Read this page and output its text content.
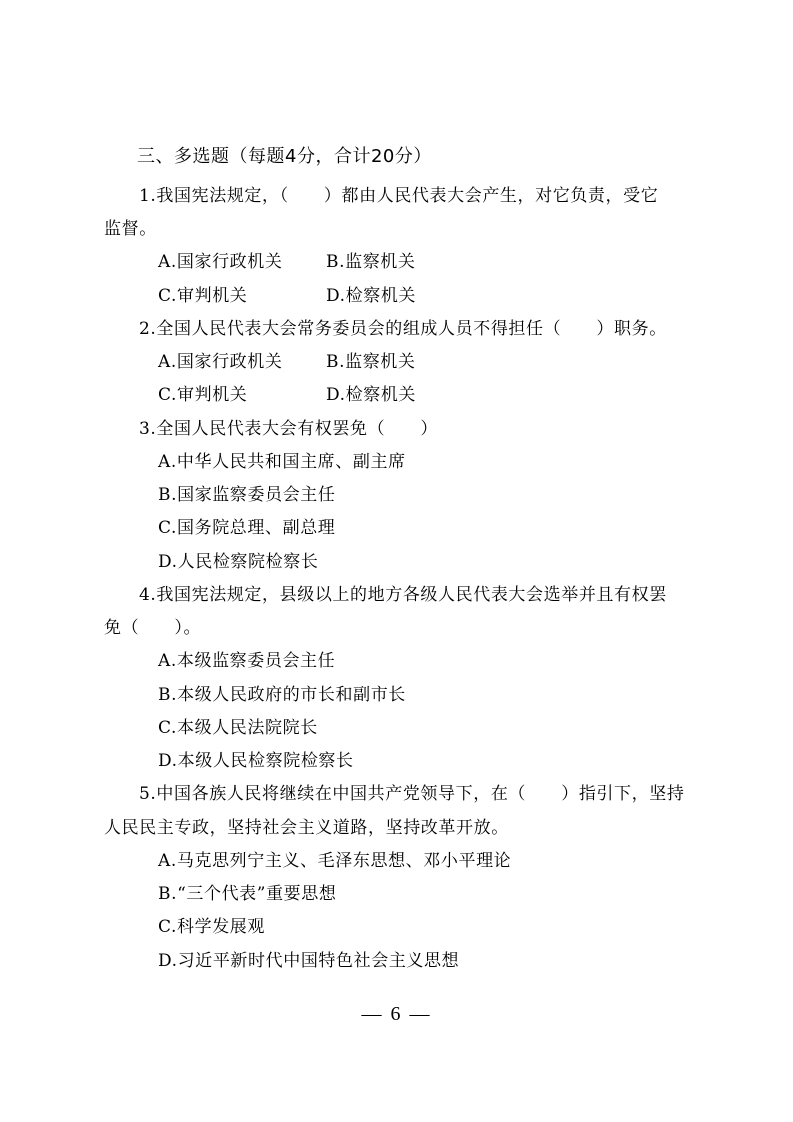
三、多选题（每题4分，合计20分）
1.我国宪法规定，（　　）都由人民代表大会产生，对它负责，受它
监督。
A.国家行政机关	B.监察机关
C.审判机关	D.检察机关
2.全国人民代表大会常务委员会的组成人员不得担任（　　）职务。
A.国家行政机关	B.监察机关
C.审判机关	D.检察机关
3.全国人民代表大会有权罢免（　　）
A.中华人民共和国主席、副主席
B.国家监察委员会主任
C.国务院总理、副总理
D.人民检察院检察长
4.我国宪法规定，县级以上的地方各级人民代表大会选举并且有权罢
免（　　）。
A.本级监察委员会主任
B.本级人民政府的市长和副市长
C.本级人民法院院长
D.本级人民检察院检察长
5.中国各族人民将继续在中国共产党领导下，在（　　）指引下，坚持
人民民主专政，坚持社会主义道路，坚持改革开放。
A.马克思列宁主义、毛泽东思想、邓小平理论
B.“三个代表”重要思想
C.科学发展观
D.习近平新时代中国特色社会主义思想
— 6 —
